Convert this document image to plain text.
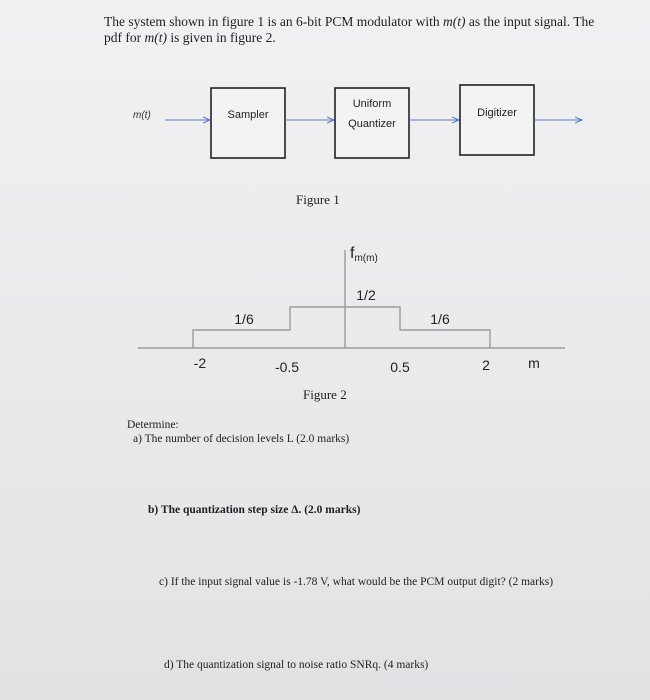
The system shown in figure 1 is an 6-bit PCM modulator with m(t) as the input signal. The pdf for m(t) is given in figure 2.
m(t)	Sampler
Uniform
Quantizer
Digitizer
fm(m)
1/2
1/6	1/6
-2	-0.5	0.5	2	m
Figure 1
Figure 2
Determine:
a) The number of decision levels L (2.0 marks)
b) The quantization step size Δ. (2.0 marks)
c) If the input signal value is -1.78 V, what would be the PCM output digit? (2 marks)
d) The quantization signal to noise ratio SNRq. (4 marks)
